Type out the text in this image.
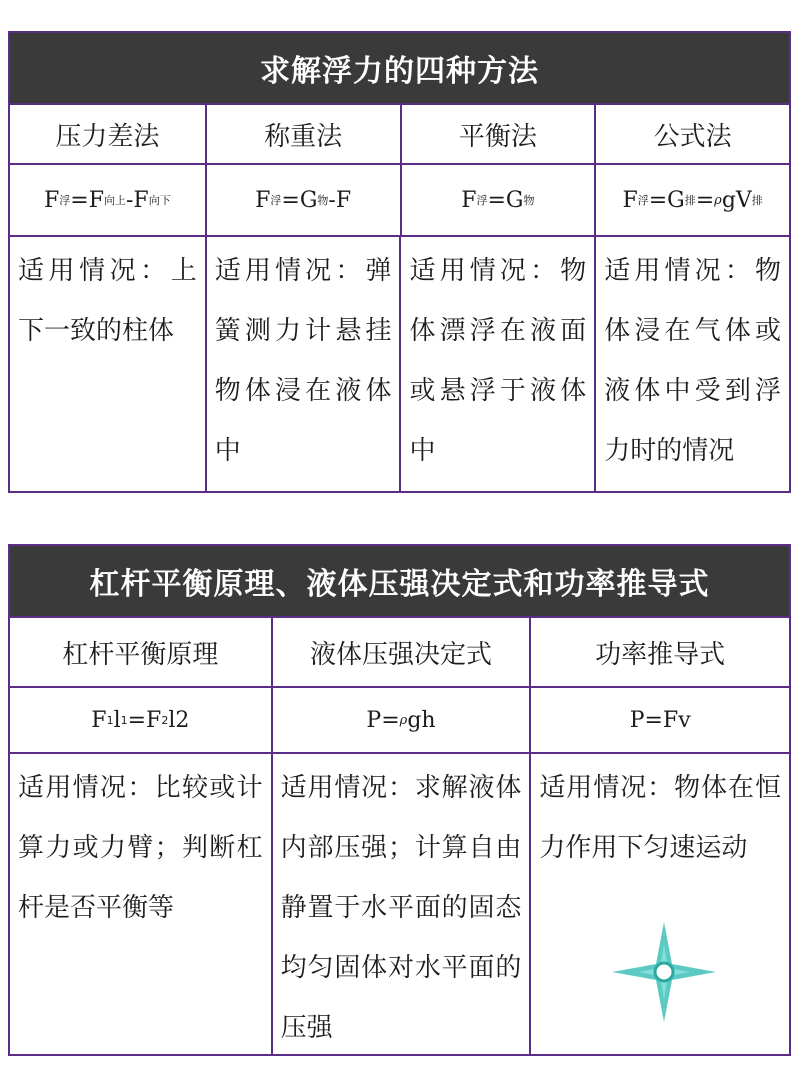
求解浮力的四种方法
压力差法	称重法	平衡法	公式法
F 浮 =F 向上 -F 向下	F 浮 =G 物 -F	F 浮 =G 物	F 浮 =G 排 = ρ gV 排
适用情况：上下一致的柱体
适用情况：弹簧测力计悬挂物体浸在液体中
适用情况：物体漂浮在液面或悬浮于液体中
适用情况：物体浸在气体或液体中受到浮力时的情况
杠杆平衡原理、液体压强决定式和功率推导式
杠杆平衡原理	液体压强决定式	功率推导式
F 1 l 1 =F 2 l2	P= ρ gh	P=Fv
适用情况：比较或计算力或力臂；判断杠杆是否平衡等
适用情况：求解液体内部压强；计算自由静置于水平面的固态均匀固体对水平面的压强
适用情况：物体在恒力作用下匀速运动
